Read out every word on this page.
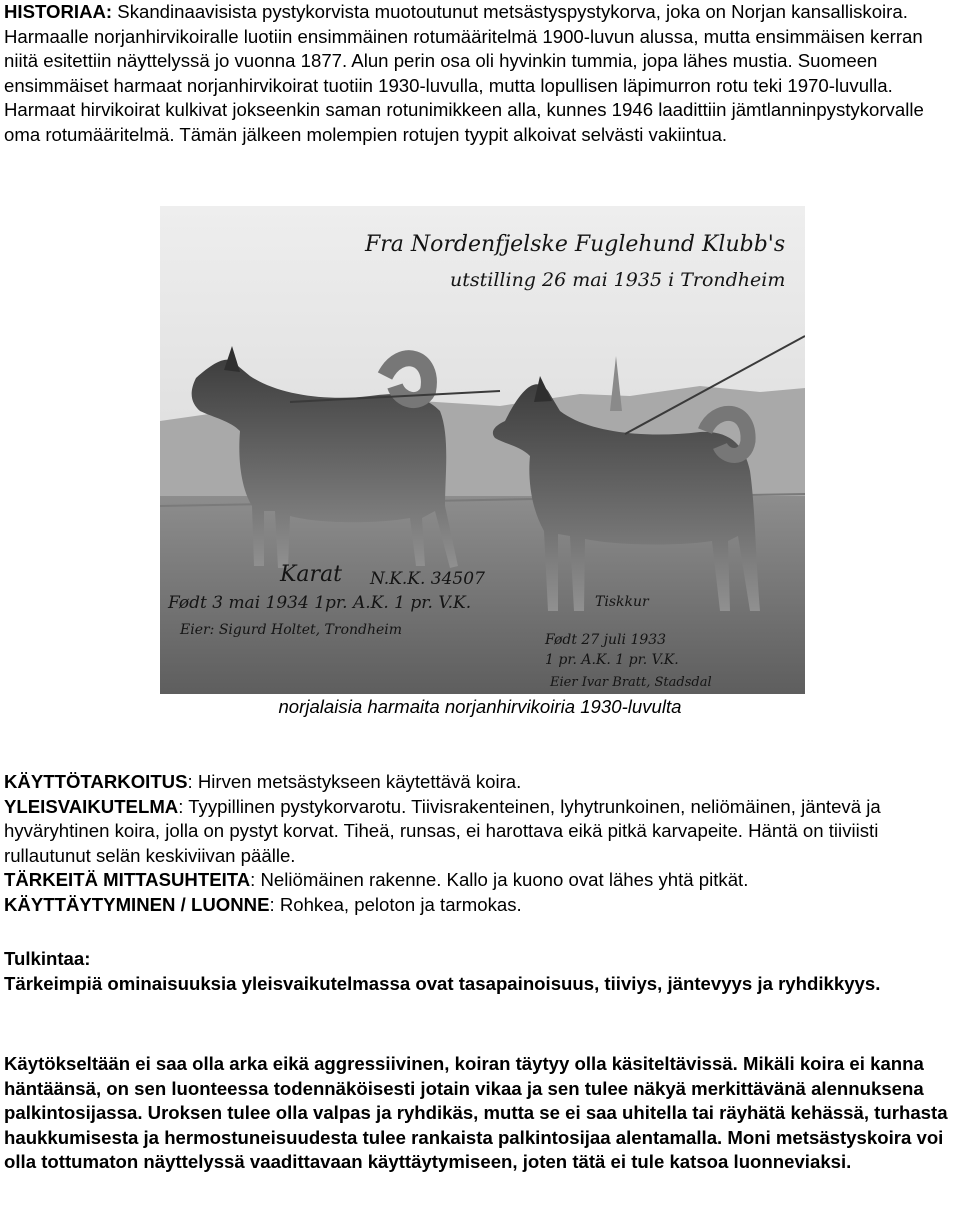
HISTORIAA: Skandinaavisista pystykorvista muotoutunut metsästyspystykorva, joka on Norjan kansalliskoira. Harmaalle norjanhirvikoiralle luotiin ensimmäinen rotumääritelmä 1900-luvun alussa, mutta ensimmäisen kerran niitä esitettiin näyttelyssä jo vuonna 1877. Alun perin osa oli hyvinkin tummia, jopa lähes mustia. Suomeen ensimmäiset harmaat norjanhirvikoirat tuotiin 1930-luvulla, mutta lopullisen läpimurron rotu teki 1970-luvulla. Harmaat hirvikoirat kulkivat jokseenkin saman rotunimikkeen alla, kunnes 1946 laadittiin jämtlanninpystykorvalle oma rotumääritelmä. Tämän jälkeen molempien rotujen tyypit alkoivat selvästi vakiintua.

Fra Nordenfjelske Fuglehund Klubb's
utstilling 26 mai 1935 i Trondheim
Karat N.K.K. 34507
Født 3 mai 1934 1pr. A.K. 1 pr. V.K.
Eier: Sigurd Holtet, Trondheim
Tiskkur
Født 27 juli 1933
1 pr. A.K. 1 pr. V.K.
Eier Ivar Bratt, Stadsdal
norjalaisia harmaita norjanhirvikoiria 1930-luvulta

KÄYTTÖTARKOITUS: Hirven metsästykseen käytettävä koira.
YLEISVAIKUTELMA: Tyypillinen pystykorvarotu. Tiivisrakenteinen, lyhytrunkoinen, neliömäinen, jäntevä ja hyväryhtinen koira, jolla on pystyt korvat. Tiheä, runsas, ei harottava eikä pitkä karvapeite. Häntä on tiiviisti rullautunut selän keskiviivan päälle.
TÄRKEITÄ MITTASUHTEITA: Neliömäinen rakenne. Kallo ja kuono ovat lähes yhtä pitkät.
KÄYTTÄYTYMINEN / LUONNE: Rohkea, peloton ja tarmokas.

Tulkintaa:
Tärkeimpiä ominaisuuksia yleisvaikutelmassa ovat tasapainoisuus, tiiviys, jäntevyys ja ryhdikkyys.

Käytökseltään ei saa olla arka eikä aggressiivinen, koiran täytyy olla käsiteltävissä. Mikäli koira ei kanna häntäänsä, on sen luonteessa todennäköisesti jotain vikaa ja sen tulee näkyä merkittävänä alennuksena palkintosijassa. Uroksen tulee olla valpas ja ryhdikäs, mutta se ei saa uhitella tai räyhätä kehässä, turhasta haukkumisesta ja hermostuneisuudesta tulee rankaista palkintosijaa alentamalla. Moni metsästyskoira voi olla tottumaton näyttelyssä vaadittavaan käyttäytymiseen, joten tätä ei tule katsoa luonneviaksi.
